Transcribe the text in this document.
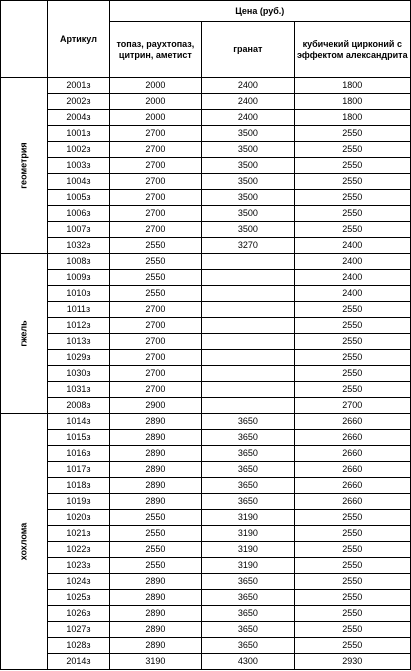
	Артикул	Цена (руб.)		
		топаз, раухтопаз, цитрин, аметист	гранат	кубичекий цирконий с эффектом александрита
геометрия	2001з	2000	2400	1800
	2002з	2000	2400	1800
	2004з	2000	2400	1800
	1001з	2700	3500	2550
	1002з	2700	3500	2550
	1003з	2700	3500	2550
	1004з	2700	3500	2550
	1005з	2700	3500	2550
	1006з	2700	3500	2550
	1007з	2700	3500	2550
	1032з	2550	3270	2400
гжель	1008з	2550		2400
	1009з	2550		2400
	1010з	2550		2400
	1011з	2700		2550
	1012з	2700		2550
	1013з	2700		2550
	1029з	2700		2550
	1030з	2700		2550
	1031з	2700		2550
	2008з	2900		2700
хохлома	1014з	2890	3650	2660
	1015з	2890	3650	2660
	1016з	2890	3650	2660
	1017з	2890	3650	2660
	1018з	2890	3650	2660
	1019з	2890	3650	2660
	1020з	2550	3190	2550
	1021з	2550	3190	2550
	1022з	2550	3190	2550
	1023з	2550	3190	2550
	1024з	2890	3650	2550
	1025з	2890	3650	2550
	1026з	2890	3650	2550
	1027з	2890	3650	2550
	1028з	2890	3650	2550
	2014з	3190	4300	2930
